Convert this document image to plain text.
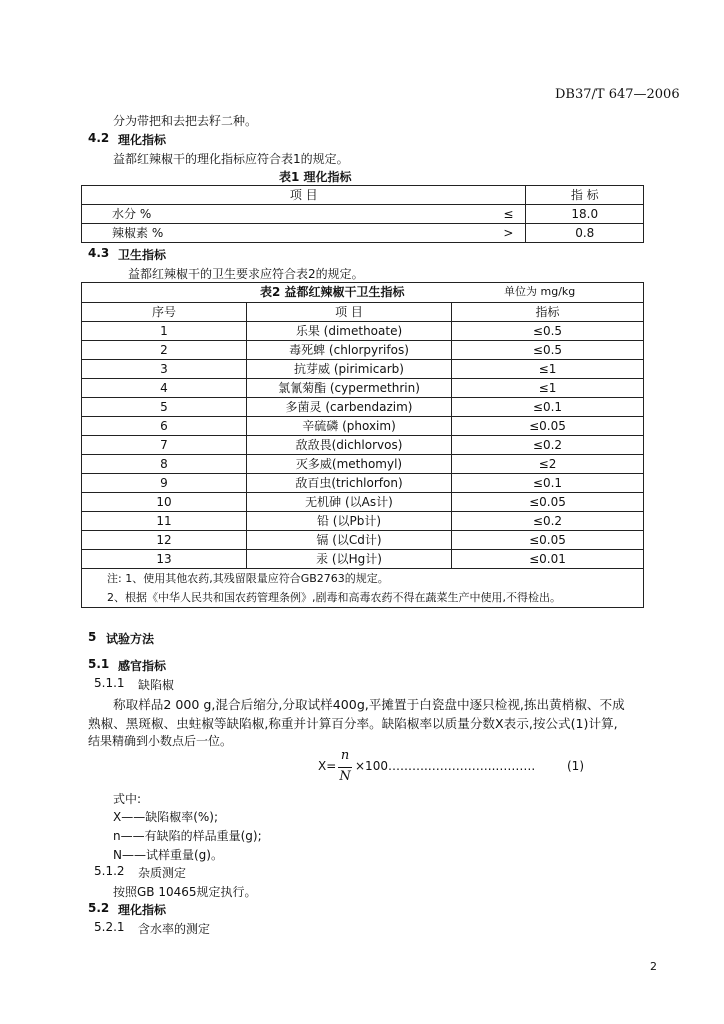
DB37/T 647—2006
分为带把和去把去籽二种。
4.2 理化指标
益都红辣椒干的理化指标应符合表1的规定。
表1 理化指标
项 目		指 标
水分 %	≤	18.0
辣椒素 %	>	0.8
4.3 卫生指标
益都红辣椒干的卫生要求应符合表2的规定。
表2 益都红辣椒干卫生指标 单位为 mg/kg		

序号	项 目	指标
1	乐果 (dimethoate)	≤0.5
2	毒死蜱 (chlorpyrifos)	≤0.5
3	抗芽威 (pirimicarb)	≤1
4	氯氰菊酯 (cypermethrin)	≤1
5	多菌灵 (carbendazim)	≤0.1
6	辛硫磷 (phoxim)	≤0.05
7	敌敌畏(dichlorvos)	≤0.2
8	灭多威(methomyl)	≤2
9	敌百虫(trichlorfon)	≤0.1
10	无机砷 (以As计)	≤0.05
11	铅 (以Pb计)	≤0.2
12	镉 (以Cd计)	≤0.05
13	汞 (以Hg计)	≤0.01

注: 1、使用其他农药,其残留限量应符合GB2763的规定。
2、根据《中华人民共和国农药管理条例》,剧毒和高毒农药不得在蔬菜生产中使用,不得检出。		
5 试验方法
5.1 感官指标
5.1.1 缺陷椒
称取样品2 000 g,混合后缩分,分取试样400g,平摊置于白瓷盘中逐只检视,拣出黄梢椒、不成
熟椒、黑斑椒、虫蛀椒等缺陷椒,称重并计算百分率。缺陷椒率以质量分数X表示,按公式(1)计算,
结果精确到小数点后一位。
X=
n
N
×100……….……………..……….	(1)
式中:
X——缺陷椒率(%);
n——有缺陷的样品重量(g);
N——试样重量(g)。
5.1.2 杂质测定
按照GB 10465规定执行。
5.2 理化指标
5.2.1 含水率的测定
2
